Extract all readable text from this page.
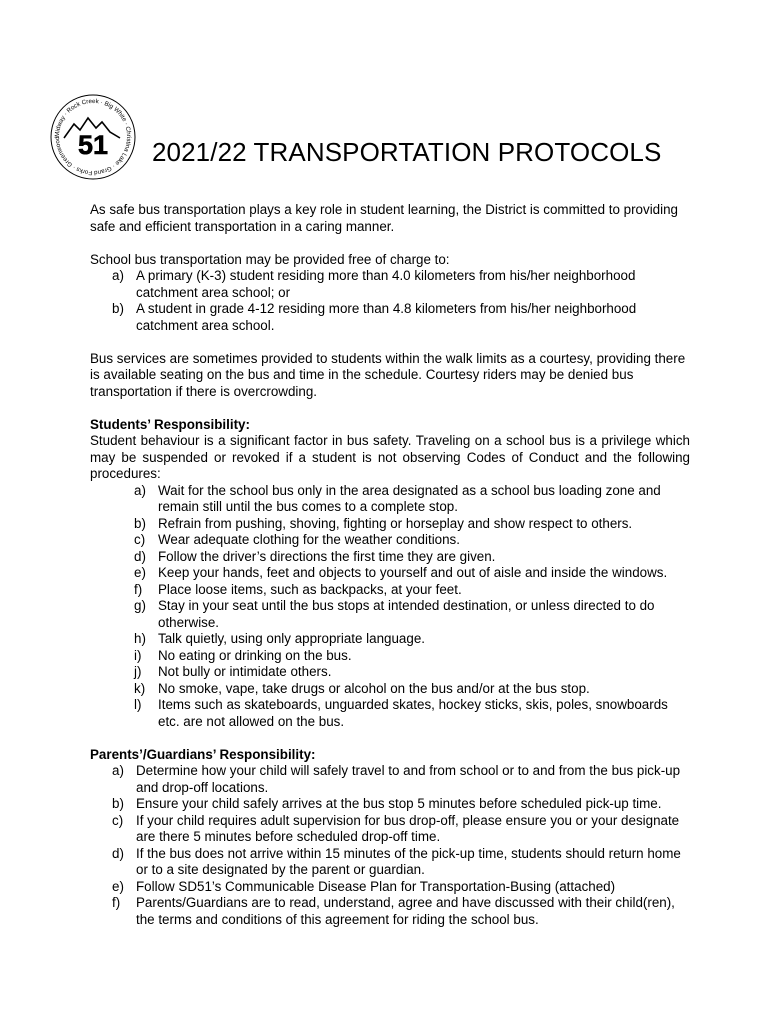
Midway · Rock Creek · Big White · Christina Lake · Grand Forks · Greenwood 51 2021/22 TRANSPORTATION PROTOCOLS

As safe bus transportation plays a key role in student learning, the District is committed to providing safe and efficient transportation in a caring manner.

School bus transportation may be provided free of charge to:

a) A primary (K-3) student residing more than 4.0 kilometers from his/her neighborhood catchment area school; or
b) A student in grade 4-12 residing more than 4.8 kilometers from his/her neighborhood catchment area school.

Bus services are sometimes provided to students within the walk limits as a courtesy, providing there is available seating on the bus and time in the schedule. Courtesy riders may be denied bus transportation if there is overcrowding.

Students’ Responsibility:

Student behaviour is a significant factor in bus safety. Traveling on a school bus is a privilege which may be suspended or revoked if a student is not observing Codes of Conduct and the following procedures:

a) Wait for the school bus only in the area designated as a school bus loading zone and remain still until the bus comes to a complete stop.
b) Refrain from pushing, shoving, fighting or horseplay and show respect to others.
c) Wear adequate clothing for the weather conditions.
d) Follow the driver’s directions the first time they are given.
e) Keep your hands, feet and objects to yourself and out of aisle and inside the windows.
f) Place loose items, such as backpacks, at your feet.
g) Stay in your seat until the bus stops at intended destination, or unless directed to do otherwise.
h) Talk quietly, using only appropriate language.
i) No eating or drinking on the bus.
j) Not bully or intimidate others.
k) No smoke, vape, take drugs or alcohol on the bus and/or at the bus stop.
l) Items such as skateboards, unguarded skates, hockey sticks, skis, poles, snowboards etc. are not allowed on the bus.
Parents’/Guardians’ Responsibility:
a) Determine how your child will safely travel to and from school or to and from the bus pick-up and drop-off locations.
b) Ensure your child safely arrives at the bus stop 5 minutes before scheduled pick-up time.
c) If your child requires adult supervision for bus drop-off, please ensure you or your designate are there 5 minutes before scheduled drop-off time.
d) If the bus does not arrive within 15 minutes of the pick-up time, students should return home or to a site designated by the parent or guardian.
e) Follow SD51’s Communicable Disease Plan for Transportation-Busing (attached)
f) Parents/Guardians are to read, understand, agree and have discussed with their child(ren), the terms and conditions of this agreement for riding the school bus.
